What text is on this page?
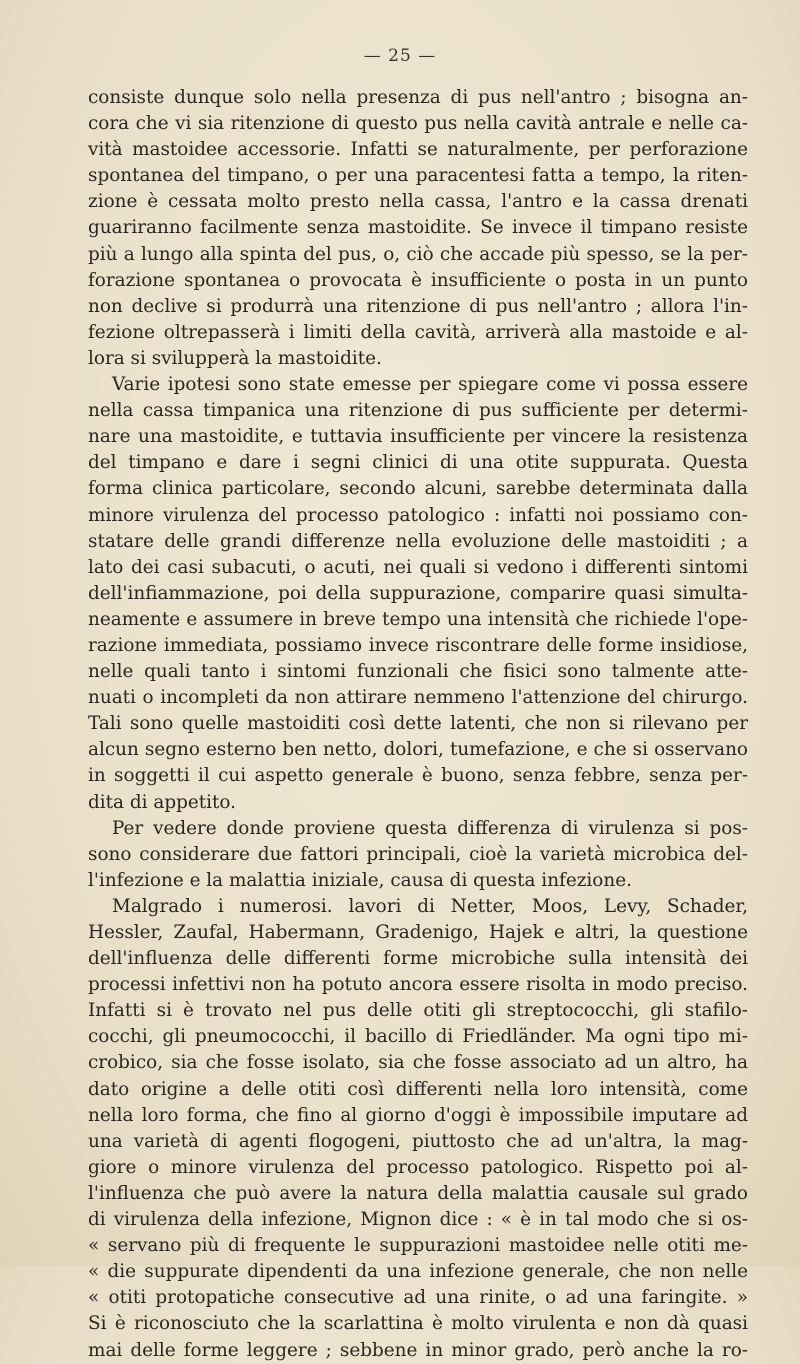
— 25 —
consiste dunque solo nella presenza di pus nell'antro ; bisogna an-
cora che vi sia ritenzione di questo pus nella cavità antrale e nelle ca-
vità mastoidee accessorie. Infatti se naturalmente, per perforazione
spontanea del timpano, o per una paracentesi fatta a tempo, la riten-
zione è cessata molto presto nella cassa, l'antro e la cassa drenati
guariranno facilmente senza mastoidite. Se invece il timpano resiste
più a lungo alla spinta del pus, o, ciò che accade più spesso, se la per-
forazione spontanea o provocata è insufficiente o posta in un punto
non declive si produrrà una ritenzione di pus nell'antro ; allora l'in-
fezione oltrepasserà i limiti della cavità, arriverà alla mastoide e al-
lora si svilupperà la mastoidite.
Varie ipotesi sono state emesse per spiegare come vi possa essere
nella cassa timpanica una ritenzione di pus sufficiente per determi-
nare una mastoidite, e tuttavia insufficiente per vincere la resistenza
del timpano e dare i segni clinici di una otite suppurata. Questa
forma clinica particolare, secondo alcuni, sarebbe determinata dalla
minore virulenza del processo patologico : infatti noi possiamo con-
statare delle grandi differenze nella evoluzione delle mastoiditi ; a
lato dei casi subacuti, o acuti, nei quali si vedono i differenti sintomi
dell'infiammazione, poi della suppurazione, comparire quasi simulta-
neamente e assumere in breve tempo una intensità che richiede l'ope-
razione immediata, possiamo invece riscontrare delle forme insidiose,
nelle quali tanto i sintomi funzionali che fisici sono talmente atte-
nuati o incompleti da non attirare nemmeno l'attenzione del chirurgo.
Tali sono quelle mastoiditi così dette latenti, che non si rilevano per
alcun segno esterno ben netto, dolori, tumefazione, e che si osservano
in soggetti il cui aspetto generale è buono, senza febbre, senza per-
dita di appetito.
Per vedere donde proviene questa differenza di virulenza si pos-
sono considerare due fattori principali, cioè la varietà microbica del-
l'infezione e la malattia iniziale, causa di questa infezione.
Malgrado i numerosi. lavori di Netter, Moos, Levy, Schader,
Hessler, Zaufal, Habermann, Gradenigo, Hajek e altri, la questione
dell'influenza delle differenti forme microbiche sulla intensità dei
processi infettivi non ha potuto ancora essere risolta in modo preciso.
Infatti si è trovato nel pus delle otiti gli streptococchi, gli stafilo-
cocchi, gli pneumococchi, il bacillo di Friedländer. Ma ogni tipo mi-
crobico, sia che fosse isolato, sia che fosse associato ad un altro, ha
dato origine a delle otiti così differenti nella loro intensità, come
nella loro forma, che fino al giorno d'oggi è impossibile imputare ad
una varietà di agenti flogogeni, piuttosto che ad un'altra, la mag-
giore o minore virulenza del processo patologico. Rispetto poi al-
l'influenza che può avere la natura della malattia causale sul grado
di virulenza della infezione, Mignon dice : « è in tal modo che si os-
« servano più di frequente le suppurazioni mastoidee nelle otiti me-
« die suppurate dipendenti da una infezione generale, che non nelle
« otiti protopatiche consecutive ad una rinite, o ad una faringite. »
Si è riconosciuto che la scarlattina è molto virulenta e non dà quasi
mai delle forme leggere ; sebbene in minor grado, però anche la ro-
